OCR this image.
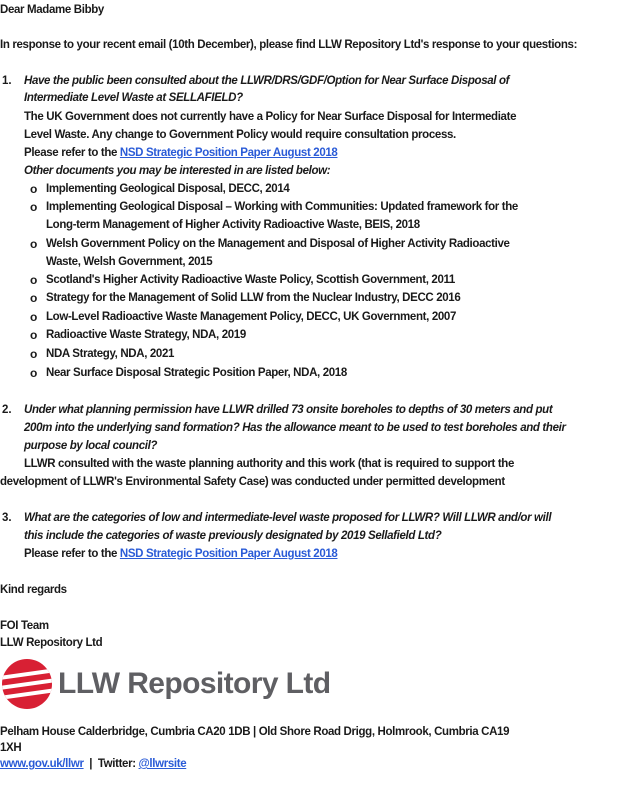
Dear Madame Bibby
In response to your recent email (10th December), please find LLW Repository Ltd's response to your questions:
1. Have the public been consulted about the LLWR/DRS/GDF/Option for Near Surface Disposal of
Intermediate Level Waste at SELLAFIELD?
The UK Government does not currently have a Policy for Near Surface Disposal for Intermediate
Level Waste. Any change to Government Policy would require consultation process.
Please refer to the NSD Strategic Position Paper August 2018
Other documents you may be interested in are listed below:
o Implementing Geological Disposal, DECC, 2014
o Implementing Geological Disposal – Working with Communities: Updated framework for the
Long-term Management of Higher Activity Radioactive Waste, BEIS, 2018
o Welsh Government Policy on the Management and Disposal of Higher Activity Radioactive
Waste, Welsh Government, 2015
o Scotland's Higher Activity Radioactive Waste Policy, Scottish Government, 2011
o Strategy for the Management of Solid LLW from the Nuclear Industry, DECC 2016
o Low-Level Radioactive Waste Management Policy, DECC, UK Government, 2007
o Radioactive Waste Strategy, NDA, 2019
o NDA Strategy, NDA, 2021
o Near Surface Disposal Strategic Position Paper, NDA, 2018
2. Under what planning permission have LLWR drilled 73 onsite boreholes to depths of 30 meters and put
200m into the underlying sand formation? Has the allowance meant to be used to test boreholes and their
purpose by local council?
LLWR consulted with the waste planning authority and this work (that is required to support the
development of LLWR's Environmental Safety Case) was conducted under permitted development
3. What are the categories of low and intermediate-level waste proposed for LLWR? Will LLWR and/or will
this include the categories of waste previously designated by 2019 Sellafield Ltd?
Please refer to the NSD Strategic Position Paper August 2018
Kind regards
FOI Team
LLW Repository Ltd
LLW Repository Ltd
Pelham House Calderbridge, Cumbria CA20 1DB | Old Shore Road Drigg, Holmrook, Cumbria CA19
1XH
www.gov.uk/llwr  |  Twitter: @llwrsite
